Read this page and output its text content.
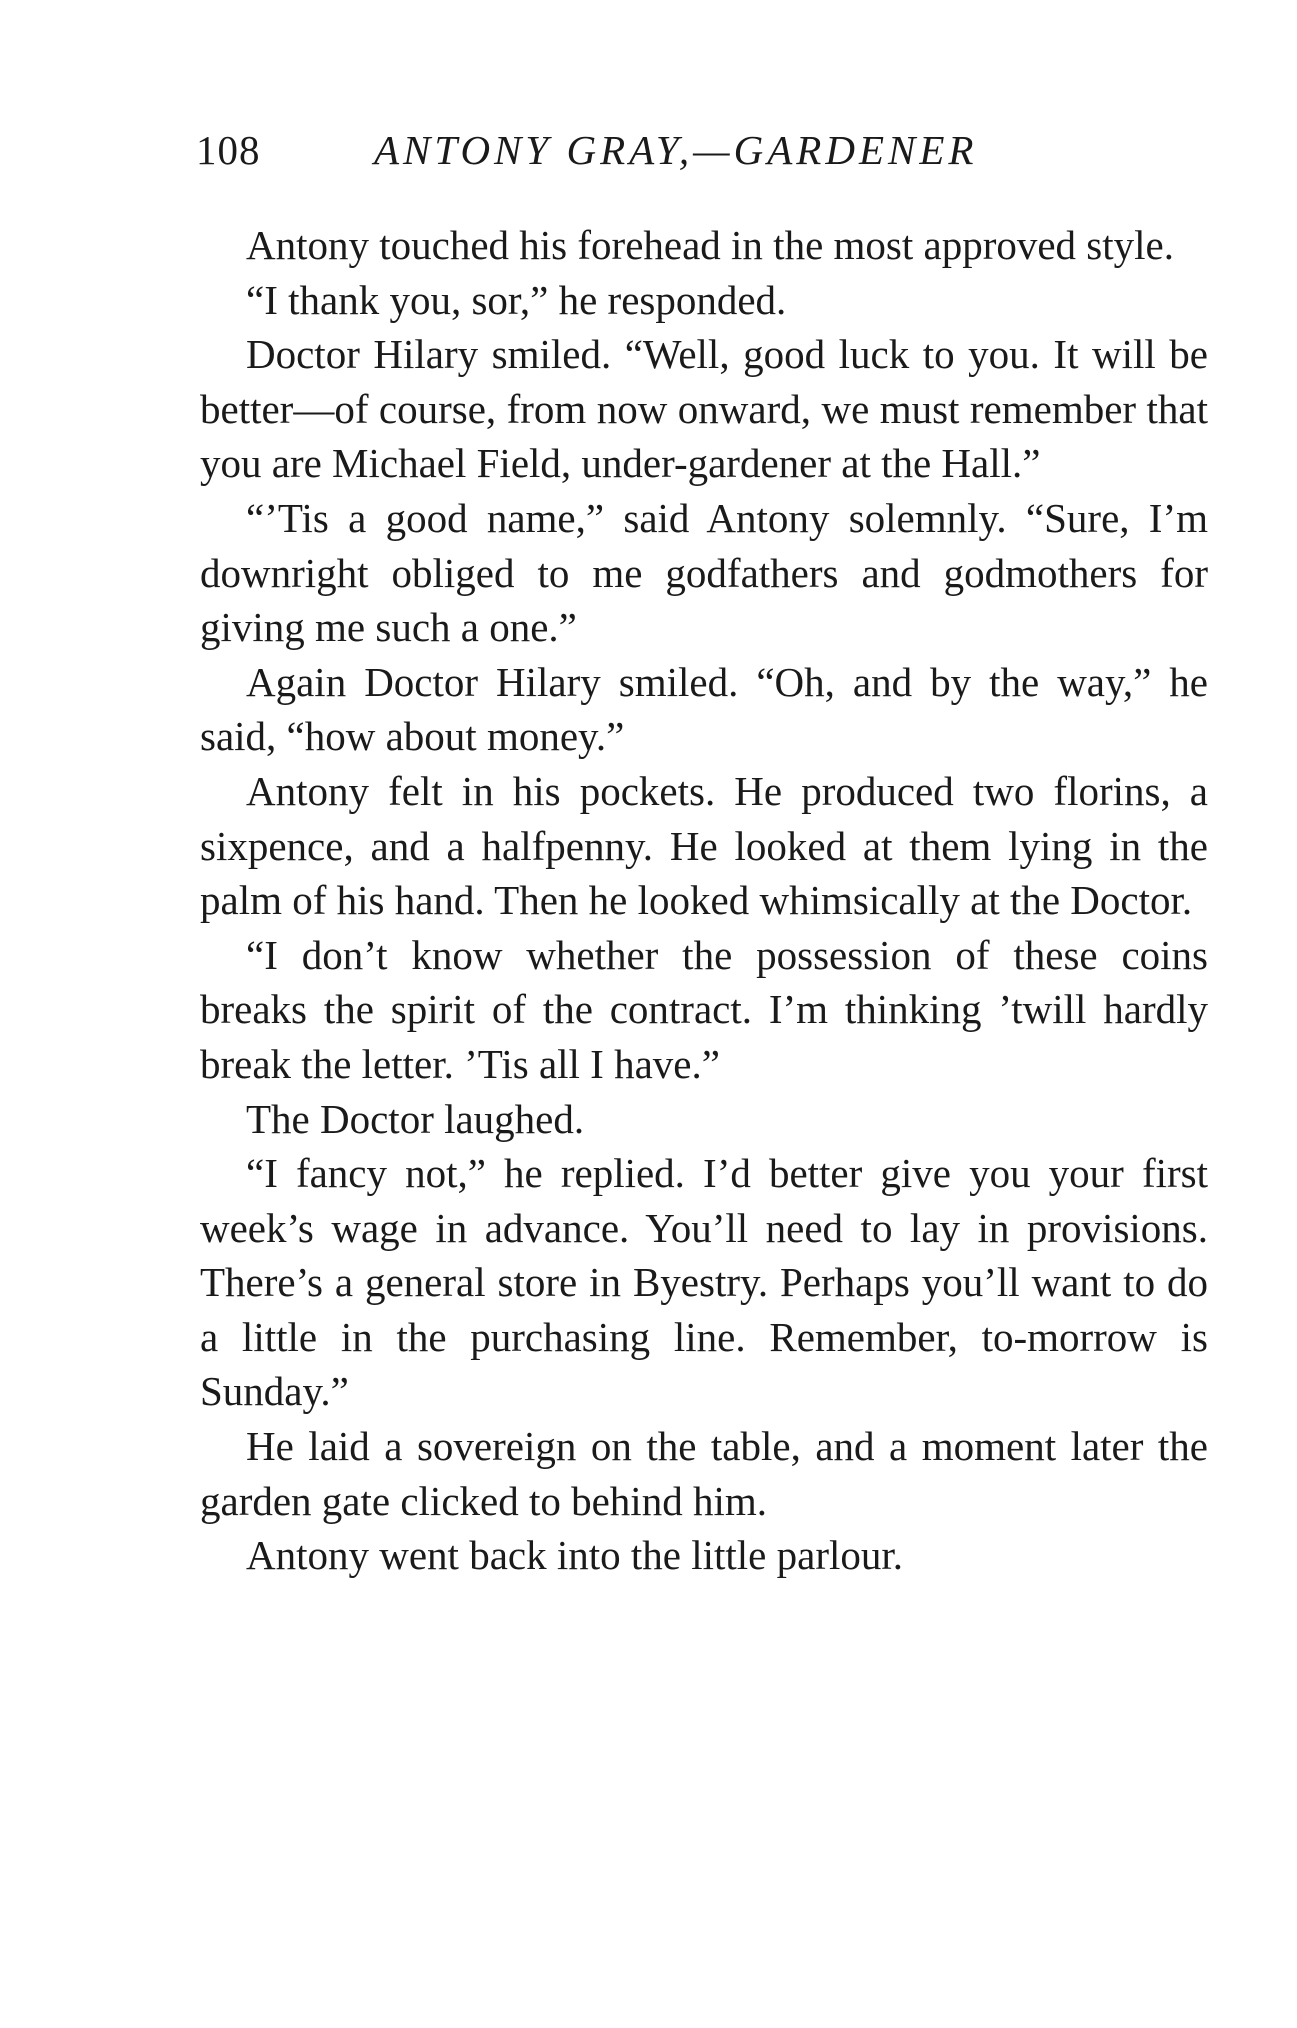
108	ANTONY GRAY,—GARDENER

Antony touched his forehead in the most approved style.

“I thank you, sor,” he responded.

Doctor Hilary smiled. “Well, good luck to you. It will be better—of course, from now onward, we must remember that you are Michael Field, under-gardener at the Hall.”

“’Tis a good name,” said Antony solemnly. “Sure, I’m downright obliged to me godfathers and godmothers for giving me such a one.”

Again Doctor Hilary smiled. “Oh, and by the way,” he said, “how about money.”

Antony felt in his pockets. He produced two florins, a sixpence, and a halfpenny. He looked at them lying in the palm of his hand. Then he looked whimsically at the Doctor.

“I don’t know whether the possession of these coins breaks the spirit of the contract. I’m thinking ’twill hardly break the letter. ’Tis all I have.”

The Doctor laughed.

“I fancy not,” he replied. I’d better give you your first week’s wage in advance. You’ll need to lay in provisions. There’s a general store in Byestry. Perhaps you’ll want to do a little in the purchasing line. Remember, to-morrow is Sunday.”

He laid a sovereign on the table, and a moment later the garden gate clicked to behind him.

Antony went back into the little parlour.
